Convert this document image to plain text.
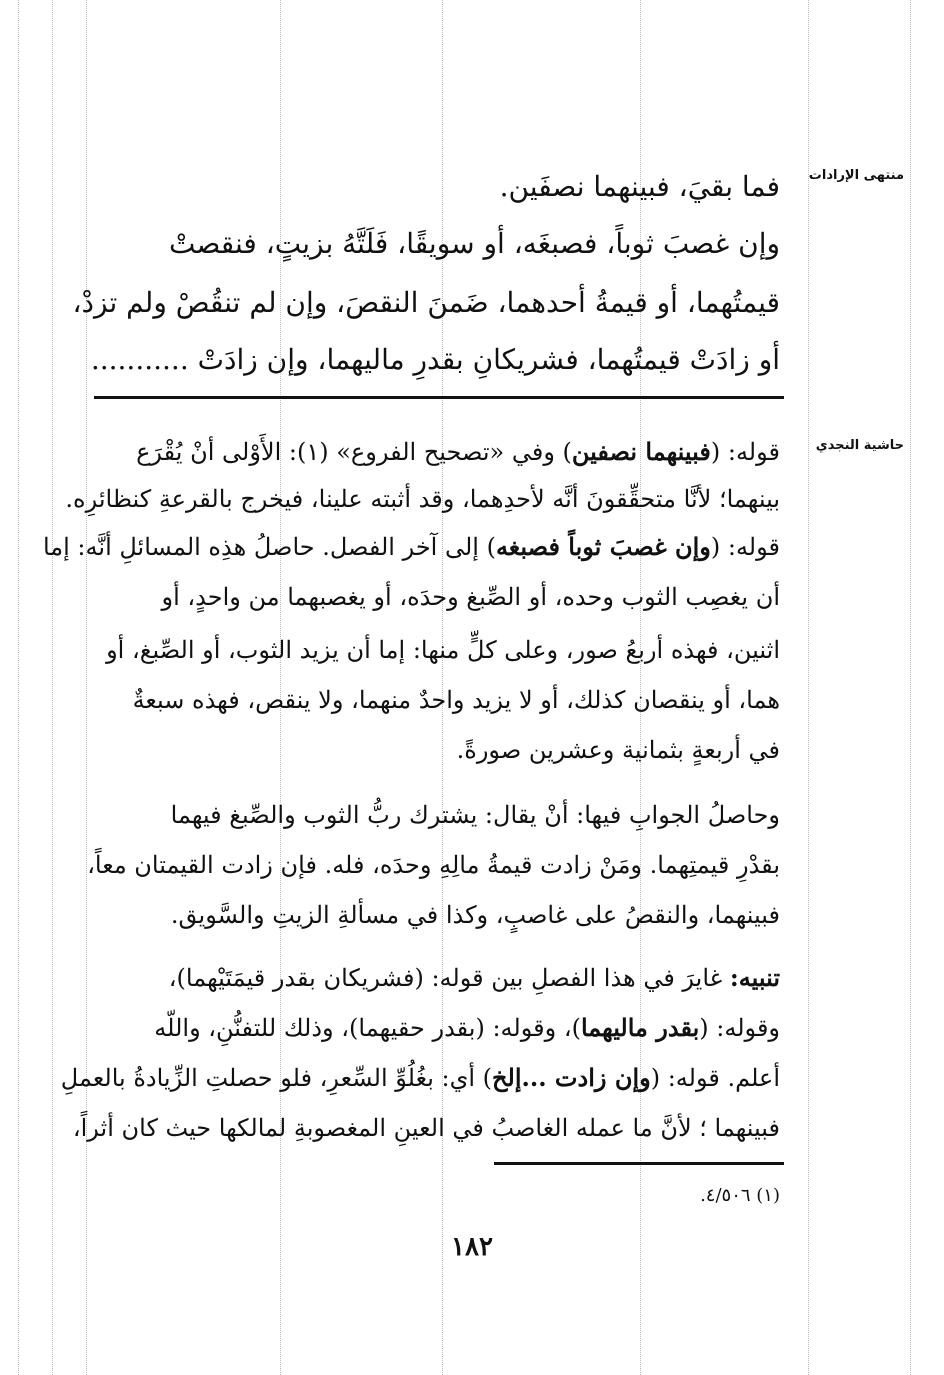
منتهى الإرادات
حاشية النجدي
فما بقيَ، فبينهما نصفَين.
وإن غصبَ ثوباً، فصبغَه، أو سويقًا، فَلَتَّهُ بزيتٍ، فنقصتْ
قيمتُهما، أو قيمةُ أحدهما، ضَمنَ النقصَ، وإن لم تنقُصْ ولم تزدْ،
أو زادَتْ قيمتُهما، فشريكانِ بقدرِ ماليهما، وإن زادَتْ ...........
قوله: (فبينهما نصفين) وفي «تصحيح الفروع» (١): الأَوْلى أنْ يُقْرَع
بينهما؛ لأنَّا متحقِّقونَ أنَّه لأحدِهما، وقد أثبته علينا، فيخرج بالقرعةِ كنظائرِه.
قوله: (وإن غصبَ ثوباً فصبغه) إلى آخر الفصل. حاصلُ هذِه المسائلِ أنَّه: إما
أن يغصِب الثوب وحده، أو الصِّبغ وحدَه، أو يغصبهما من واحدٍ، أو
اثنين، فهذه أربعُ صور، وعلى كلٍّ منها: إما أن يزيد الثوب، أو الصِّبغ، أو
هما، أو ينقصان كذلك، أو لا يزيد واحدٌ منهما، ولا ينقص، فهذه سبعةٌ
في أربعةٍ بثمانية وعشرين صورةً.
وحاصلُ الجوابِ فيها: أنْ يقال: يشترك ربُّ الثوب والصِّبغ فيهما
بقدْرِ قيمتِهما. ومَنْ زادت قيمةُ مالِهِ وحدَه، فله. فإن زادت القيمتان معاً،
فبينهما، والنقصُ على غاصبٍ، وكذا في مسألةِ الزيتِ والسَّويق.
تنبيه: غايرَ في هذا الفصلِ بين قوله: (فشريكان بقدر قيمَتَيْهما)،
وقوله: (بقدر ماليهما)، وقوله: (بقدر حقيهما)، وذلك للتفنُّنِ، واللّه
أعلم. قوله: (وإن زادت ...إلخ) أي: بغُلُوِّ السِّعرِ، فلو حصلتِ الزِّيادةُ بالعملِ
فبينهما ؛ لأنَّ ما عمله الغاصبُ في العينِ المغصوبةِ لمالكها حيث كان أثراً،
(١) ٤/٥٠٦.
١٨٢
